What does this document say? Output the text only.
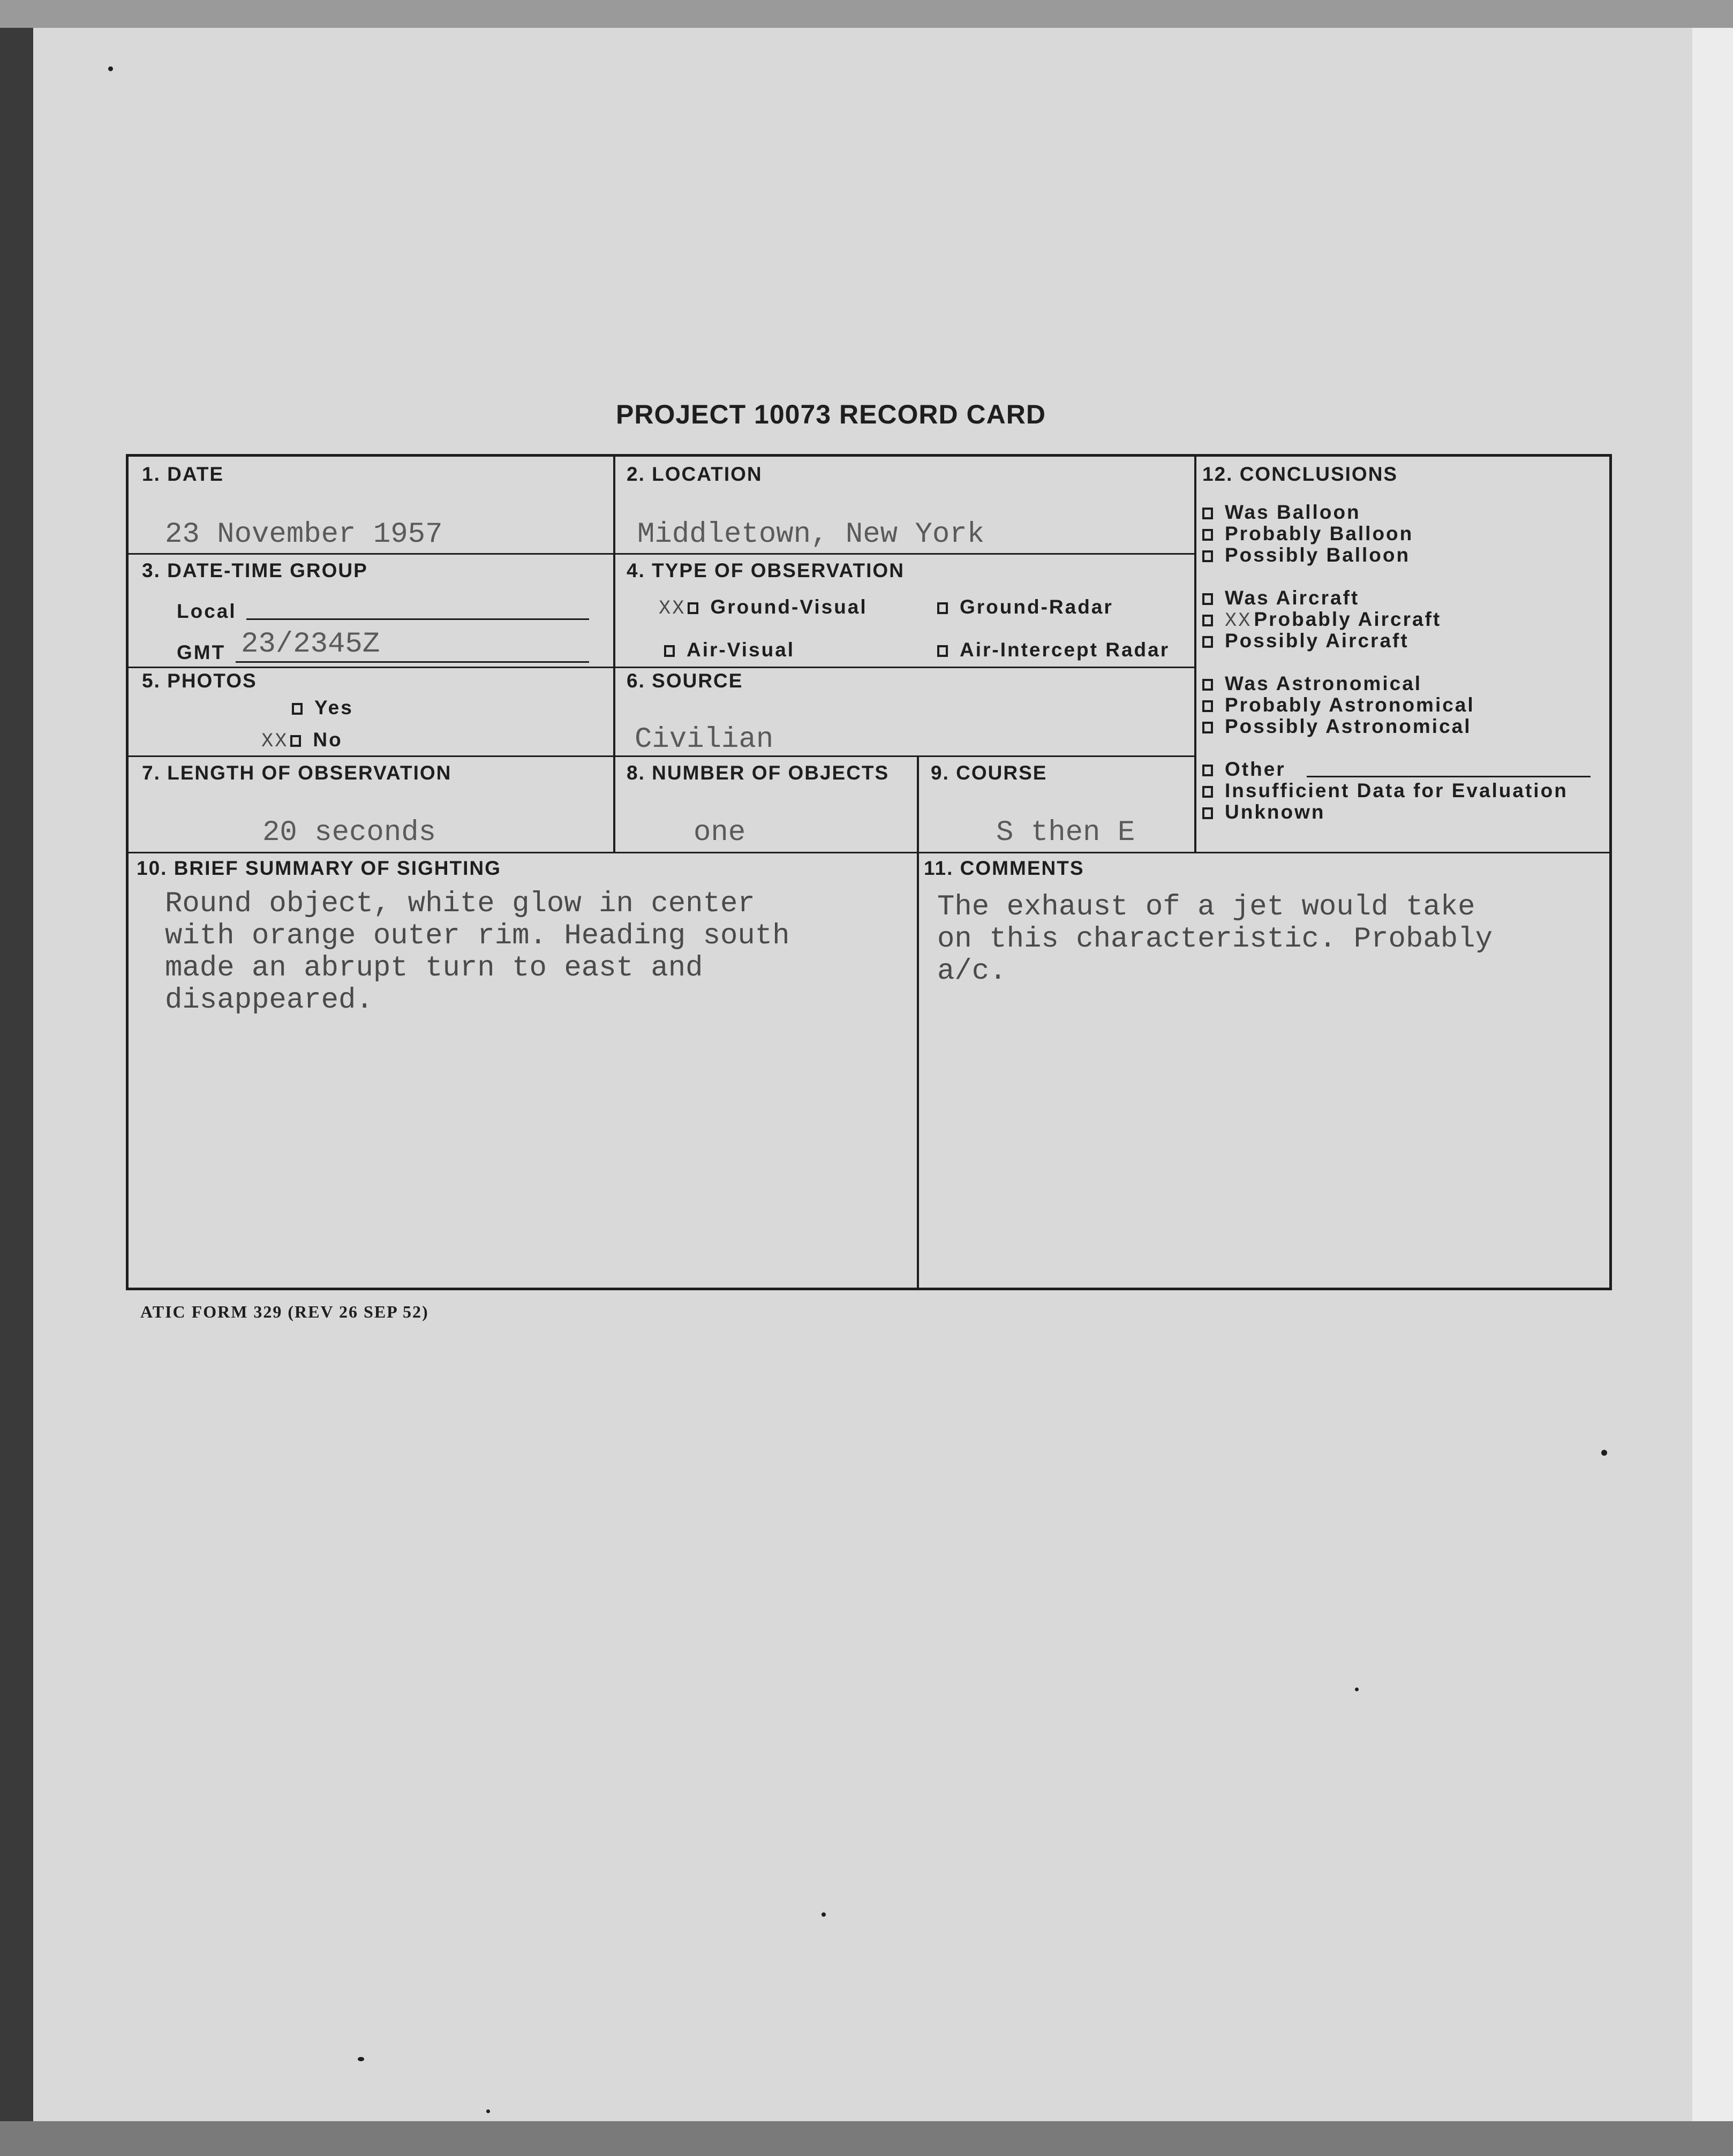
PROJECT 10073 RECORD CARD
1. DATE
23 November 1957
2. LOCATION
Middletown, New York
3. DATE-TIME GROUP
Local
GMT 23/2345Z
4. TYPE OF OBSERVATION
XX Ground-Visual	Ground-Radar
Air-Visual	Air-Intercept Radar
5. PHOTOS
Yes
XX No
6. SOURCE
Civilian
7. LENGTH OF OBSERVATION
20 seconds
8. NUMBER OF OBJECTS
one
9. COURSE
S then E
10. BRIEF SUMMARY OF SIGHTING
Round object, white glow in center
with orange outer rim. Heading south
made an abrupt turn to east and
disappeared.
11. COMMENTS
The exhaust of a jet would take
on this characteristic. Probably
a/c.
12. CONCLUSIONS
Was Balloon
Probably Balloon
Possibly Balloon
Was Aircraft
XX Probably Aircraft
Possibly Aircraft
Was Astronomical
Probably Astronomical
Possibly Astronomical
Other
Insufficient Data for Evaluation
Unknown
ATIC FORM 329 (REV 26 SEP 52)
